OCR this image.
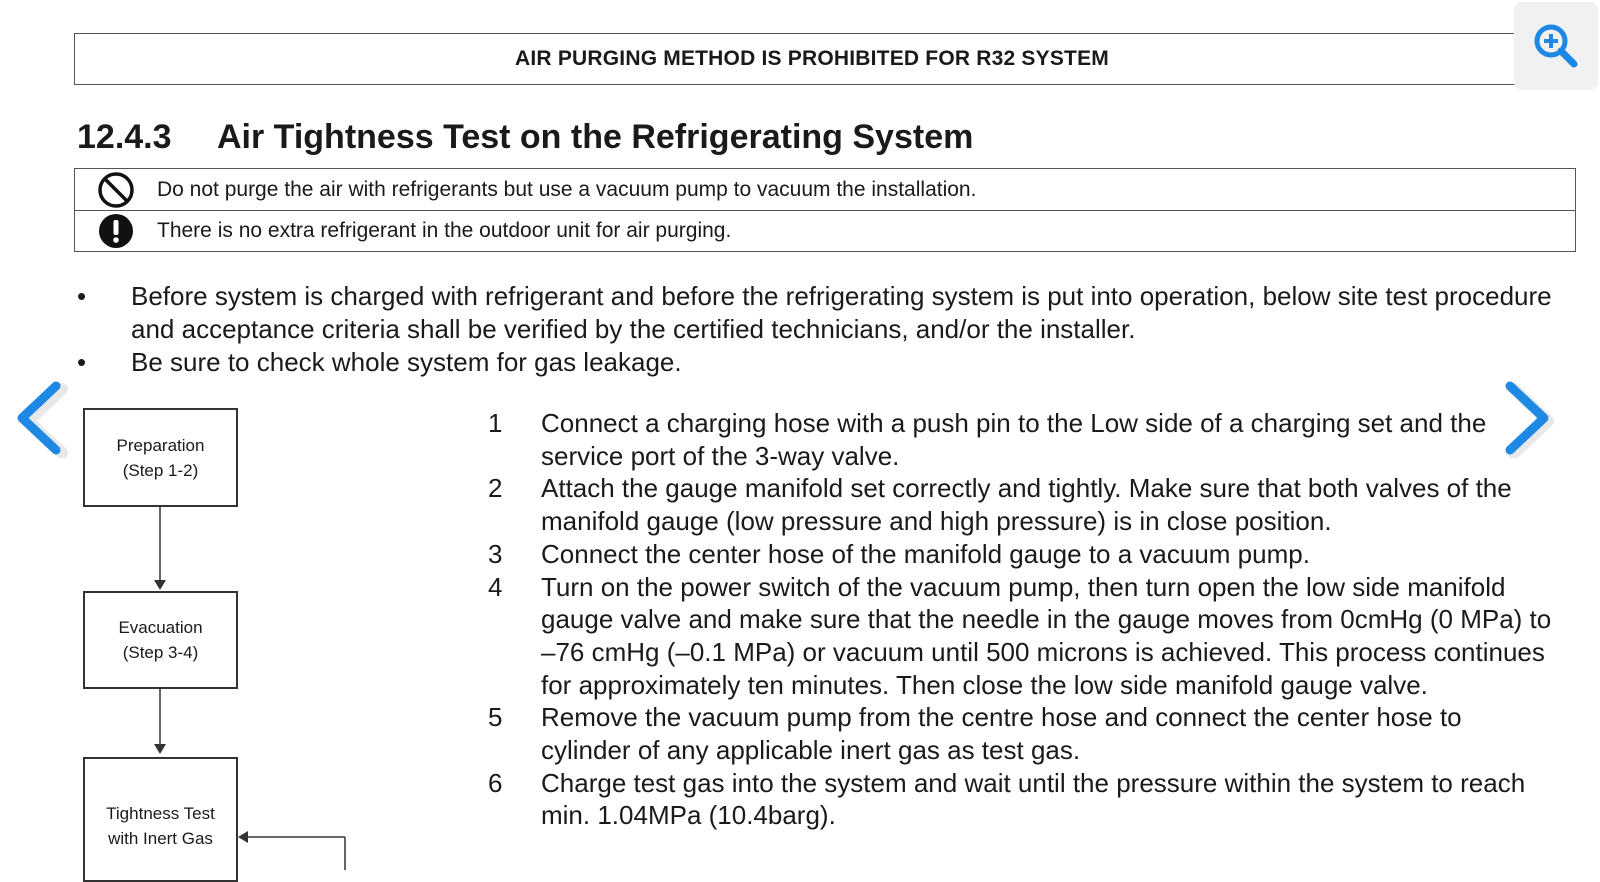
AIR PURGING METHOD IS PROHIBITED FOR R32 SYSTEM
12.4.3 Air Tightness Test on the Refrigerating System
Do not purge the air with refrigerants but use a vacuum pump to vacuum the installation.
There is no extra refrigerant in the outdoor unit for air purging.
•	Before system is charged with refrigerant and before the refrigerating system is put into operation, below site test procedure and acceptance criteria shall be verified by the certified technicians, and/or the installer.
•	Be sure to check whole system for gas leakage.
Preparation
(Step 1-2)
Evacuation
(Step 3-4)
Tightness Test
with Inert Gas
1	Connect a charging hose with a push pin to the Low side of a charging set and the service port of the 3-way valve.
2	Attach the gauge manifold set correctly and tightly. Make sure that both valves of the manifold gauge (low pressure and high pressure) is in close position.
3	Connect the center hose of the manifold gauge to a vacuum pump.
4	Turn on the power switch of the vacuum pump, then turn open the low side manifold gauge valve and make sure that the needle in the gauge moves from 0cmHg (0 MPa) to –76 cmHg (–0.1 MPa) or vacuum until 500 microns is achieved. This process continues for approximately ten minutes. Then close the low side manifold gauge valve.
5	Remove the vacuum pump from the centre hose and connect the center hose to cylinder of any applicable inert gas as test gas.
6	Charge test gas into the system and wait until the pressure within the system to reach min. 1.04MPa (10.4barg).
